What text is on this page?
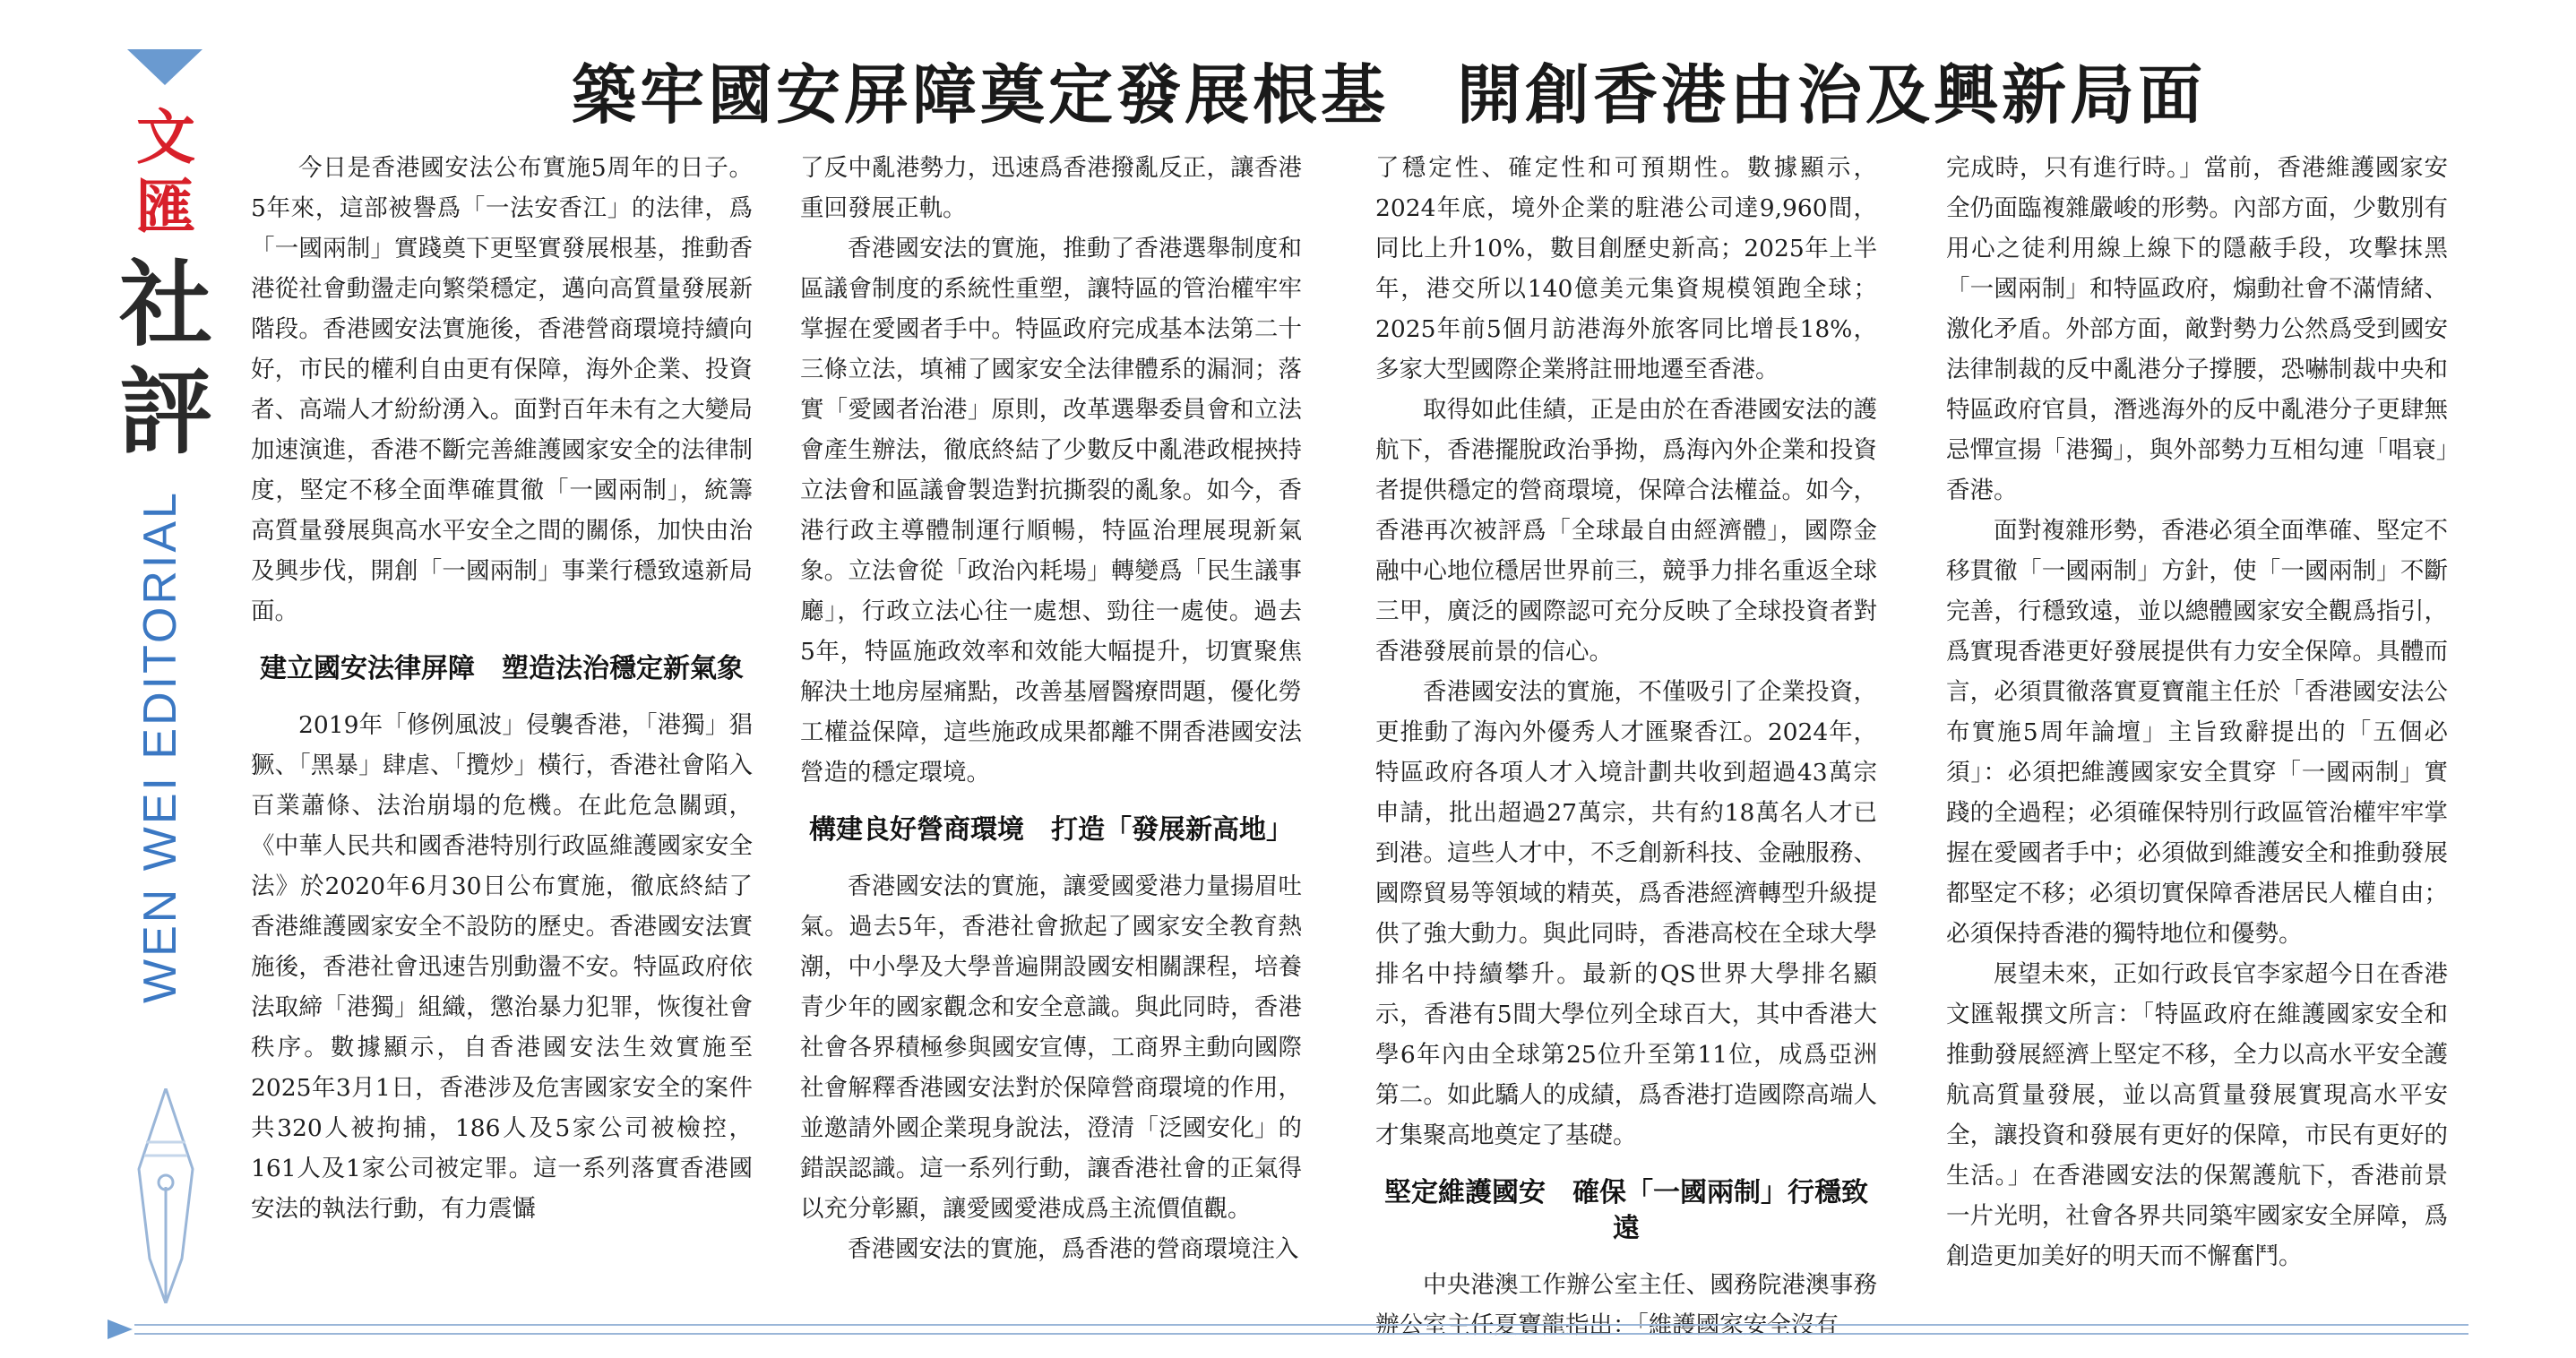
文匯
社評
WEN WEI EDITORIAL
築牢國安屏障奠定發展根基　開創香港由治及興新局面

今日是香港國安法公布實施5周年的日子。5年來，這部被譽爲「一法安香江」的法律，爲「一國兩制」實踐奠下更堅實發展根基，推動香港從社會動盪走向繁榮穩定，邁向高質量發展新階段。香港國安法實施後，香港營商環境持續向好，市民的權利自由更有保障，海外企業、投資者、高端人才紛紛湧入。面對百年未有之大變局加速演進，香港不斷完善維護國家安全的法律制度，堅定不移全面準確貫徹「一國兩制」，統籌高質量發展與高水平安全之間的關係，加快由治及興步伐，開創「一國兩制」事業行穩致遠新局面。

建立國安法律屏障　塑造法治穩定新氣象

2019年「修例風波」侵襲香港，「港獨」猖獗、「黑暴」肆虐、「攬炒」橫行，香港社會陷入百業蕭條、法治崩塌的危機。在此危急關頭，《中華人民共和國香港特別行政區維護國家安全法》於2020年6月30日公布實施，徹底終結了香港維護國家安全不設防的歷史。香港國安法實施後，香港社會迅速告別動盪不安。特區政府依法取締「港獨」組織，懲治暴力犯罪，恢復社會秩序。數據顯示，自香港國安法生效實施至2025年3月1日，香港涉及危害國家安全的案件共320人被拘捕，186人及5家公司被檢控，161人及1家公司被定罪。這一系列落實香港國安法的執法行動，有力震懾

了反中亂港勢力，迅速爲香港撥亂反正，讓香港重回發展正軌。

香港國安法的實施，推動了香港選舉制度和區議會制度的系統性重塑，讓特區的管治權牢牢掌握在愛國者手中。特區政府完成基本法第二十三條立法，填補了國家安全法律體系的漏洞；落實「愛國者治港」原則，改革選舉委員會和立法會產生辦法，徹底終結了少數反中亂港政棍挾持立法會和區議會製造對抗撕裂的亂象。如今，香港行政主導體制運行順暢，特區治理展現新氣象。立法會從「政治內耗場」轉變爲「民生議事廳」，行政立法心往一處想、勁往一處使。過去5年，特區施政效率和效能大幅提升，切實聚焦解決土地房屋痛點，改善基層醫療問題，優化勞工權益保障，這些施政成果都離不開香港國安法營造的穩定環境。

構建良好營商環境　打造「發展新高地」

香港國安法的實施，讓愛國愛港力量揚眉吐氣。過去5年，香港社會掀起了國家安全教育熱潮，中小學及大學普遍開設國安相關課程，培養青少年的國家觀念和安全意識。與此同時，香港社會各界積極參與國安宣傳，工商界主動向國際社會解釋香港國安法對於保障營商環境的作用，並邀請外國企業現身說法，澄清「泛國安化」的錯誤認識。這一系列行動，讓香港社會的正氣得以充分彰顯，讓愛國愛港成爲主流價值觀。

香港國安法的實施，爲香港的營商環境注入

了穩定性、確定性和可預期性。數據顯示，2024年底，境外企業的駐港公司達9,960間，同比上升10%，數目創歷史新高；2025年上半年，港交所以140億美元集資規模領跑全球；2025年前5個月訪港海外旅客同比增長18%，多家大型國際企業將註冊地遷至香港。

取得如此佳績，正是由於在香港國安法的護航下，香港擺脫政治爭拗，爲海內外企業和投資者提供穩定的營商環境，保障合法權益。如今，香港再次被評爲「全球最自由經濟體」，國際金融中心地位穩居世界前三，競爭力排名重返全球三甲，廣泛的國際認可充分反映了全球投資者對香港發展前景的信心。

香港國安法的實施，不僅吸引了企業投資，更推動了海內外優秀人才匯聚香江。2024年，特區政府各項人才入境計劃共收到超過43萬宗申請，批出超過27萬宗，共有約18萬名人才已到港。這些人才中，不乏創新科技、金融服務、國際貿易等領域的精英，爲香港經濟轉型升級提供了強大動力。與此同時，香港高校在全球大學排名中持續攀升。最新的QS世界大學排名顯示，香港有5間大學位列全球百大，其中香港大學6年內由全球第25位升至第11位，成爲亞洲第二。如此驕人的成績，爲香港打造國際高端人才集聚高地奠定了基礎。

堅定維護國安　確保「一國兩制」行穩致遠

中央港澳工作辦公室主任、國務院港澳事務辦公室主任夏寶龍指出：「維護國家安全沒有

完成時，只有進行時。」當前，香港維護國家安全仍面臨複雜嚴峻的形勢。內部方面，少數別有用心之徒利用線上線下的隱蔽手段，攻擊抹黑「一國兩制」和特區政府，煽動社會不滿情緒、激化矛盾。外部方面，敵對勢力公然爲受到國安法律制裁的反中亂港分子撐腰，恐嚇制裁中央和特區政府官員，潛逃海外的反中亂港分子更肆無忌憚宣揚「港獨」，與外部勢力互相勾連「唱衰」香港。

面對複雜形勢，香港必須全面準確、堅定不移貫徹「一國兩制」方針，使「一國兩制」不斷完善，行穩致遠，並以總體國家安全觀爲指引，爲實現香港更好發展提供有力安全保障。具體而言，必須貫徹落實夏寶龍主任於「香港國安法公布實施5周年論壇」主旨致辭提出的「五個必須」：必須把維護國家安全貫穿「一國兩制」實踐的全過程；必須確保特別行政區管治權牢牢掌握在愛國者手中；必須做到維護安全和推動發展都堅定不移；必須切實保障香港居民人權自由；必須保持香港的獨特地位和優勢。

展望未來，正如行政長官李家超今日在香港文匯報撰文所言：「特區政府在維護國家安全和推動發展經濟上堅定不移，全力以高水平安全護航高質量發展，並以高質量發展實現高水平安全，讓投資和發展有更好的保障，市民有更好的生活。」在香港國安法的保駕護航下，香港前景一片光明，社會各界共同築牢國家安全屏障，爲創造更加美好的明天而不懈奮鬥。
